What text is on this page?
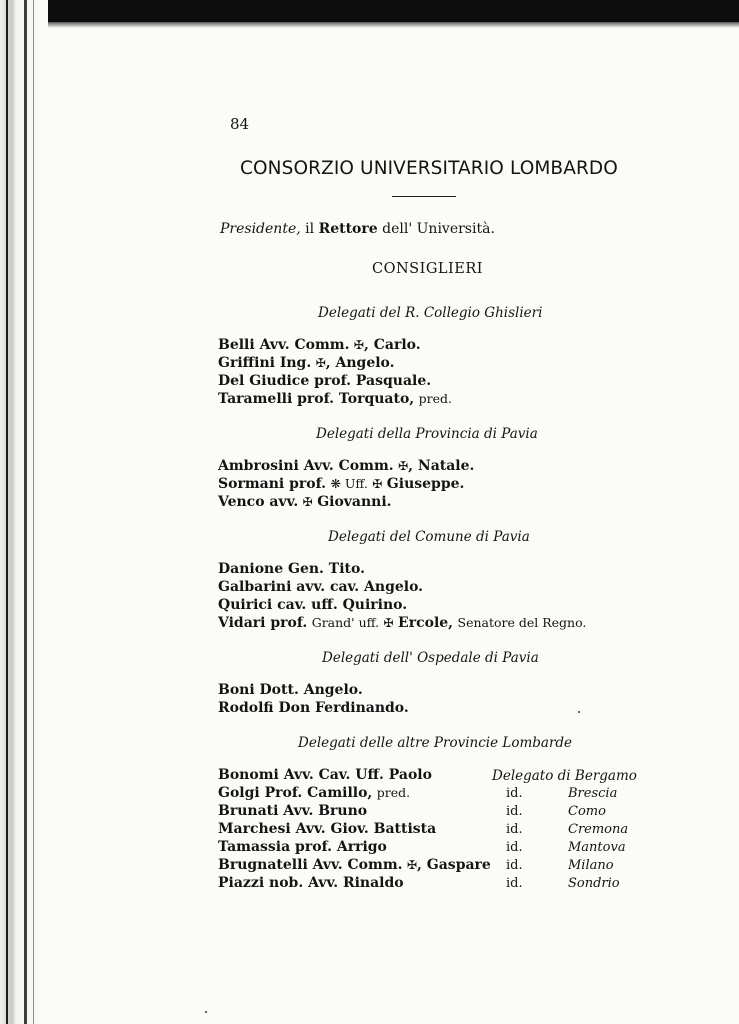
84
CONSORZIO UNIVERSITARIO LOMBARDO
Presidente, il Rettore dell' Università.
CONSIGLIERI
Delegati del R. Collegio Ghislieri
Belli Avv. Comm. ✠, Carlo.
Griffini Ing. ✠, Angelo.
Del Giudice prof. Pasquale.
Taramelli prof. Torquato, pred.
Delegati della Provincia di Pavia
Ambrosini Avv. Comm. ✠, Natale.
Sormani prof. ❋ Uff. ✠ Giuseppe.
Venco avv. ✠ Giovanni.
Delegati del Comune di Pavia
Danione Gen. Tito.
Galbarini avv. cav. Angelo.
Quirici cav. uff. Quirino.
Vidari prof. Grand' uff. ✠ Ercole, Senatore del Regno.
Delegati dell' Ospedale di Pavia
Boni Dott. Angelo.
Rodolfi Don Ferdinando.
Delegati delle altre Provincie Lombarde
Bonomi Avv. Cav. Uff. Paolo	Delegato di Bergamo
Golgi Prof. Camillo, pred.	id.	Brescia
Brunati Avv. Bruno	id.	Como
Marchesi Avv. Giov. Battista	id.	Cremona
Tamassia prof. Arrigo	id.	Mantova
Brugnatelli Avv. Comm. ✠, Gaspare id.	Milano
Piazzi nob. Avv. Rinaldo	id.	Sondrio
